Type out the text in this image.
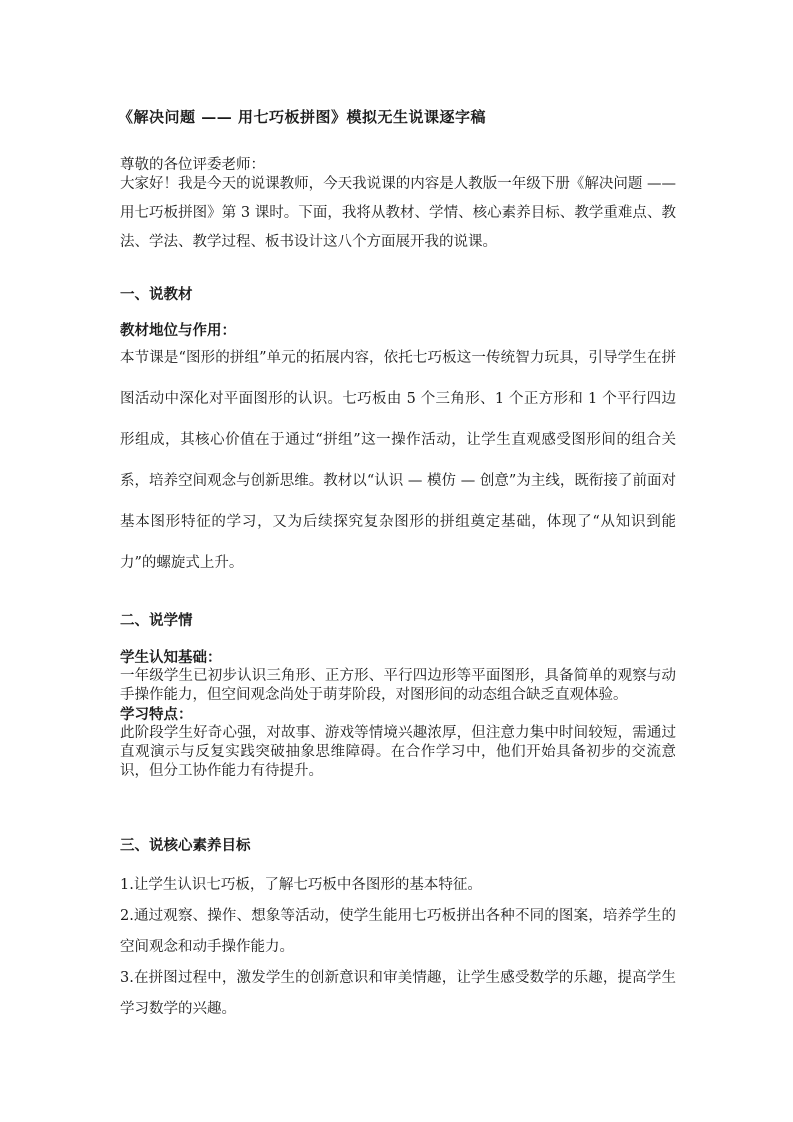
《解决问题 —— 用七巧板拼图》模拟无生说课逐字稿

尊敬的各位评委老师：

大家好！我是今天的说课教师，今天我说课的内容是人教版一年级下册《解决问题 —— 用七巧板拼图》第 3 课时。下面，我将从教材、学情、核心素养目标、教学重难点、教法、学法、教学过程、板书设计这八个方面展开我的说课。

一、说教材

教材地位与作用：

本节课是“图形的拼组”单元的拓展内容，依托七巧板这一传统智力玩具，引导学生在拼图活动中深化对平面图形的认识。七巧板由 5 个三角形、1 个正方形和 1 个平行四边形组成，其核心价值在于通过“拼组”这一操作活动，让学生直观感受图形间的组合关系，培养空间观念与创新思维。教材以“认识 — 模仿 — 创意”为主线，既衔接了前面对基本图形特征的学习，又为后续探究复杂图形的拼组奠定基础，体现了“从知识到能力”的螺旋式上升。

二、说学情

学生认知基础：

一年级学生已初步认识三角形、正方形、平行四边形等平面图形，具备简单的观察与动手操作能力，但空间观念尚处于萌芽阶段，对图形间的动态组合缺乏直观体验。

学习特点：

此阶段学生好奇心强，对故事、游戏等情境兴趣浓厚，但注意力集中时间较短，需通过直观演示与反复实践突破抽象思维障碍。在合作学习中，他们开始具备初步的交流意识，但分工协作能力有待提升。

三、说核心素养目标

1.让学生认识七巧板，了解七巧板中各图形的基本特征。

2.通过观察、操作、想象等活动，使学生能用七巧板拼出各种不同的图案，培养学生的空间观念和动手操作能力。

3.在拼图过程中，激发学生的创新意识和审美情趣，让学生感受数学的乐趣，提高学生学习数学的兴趣。
